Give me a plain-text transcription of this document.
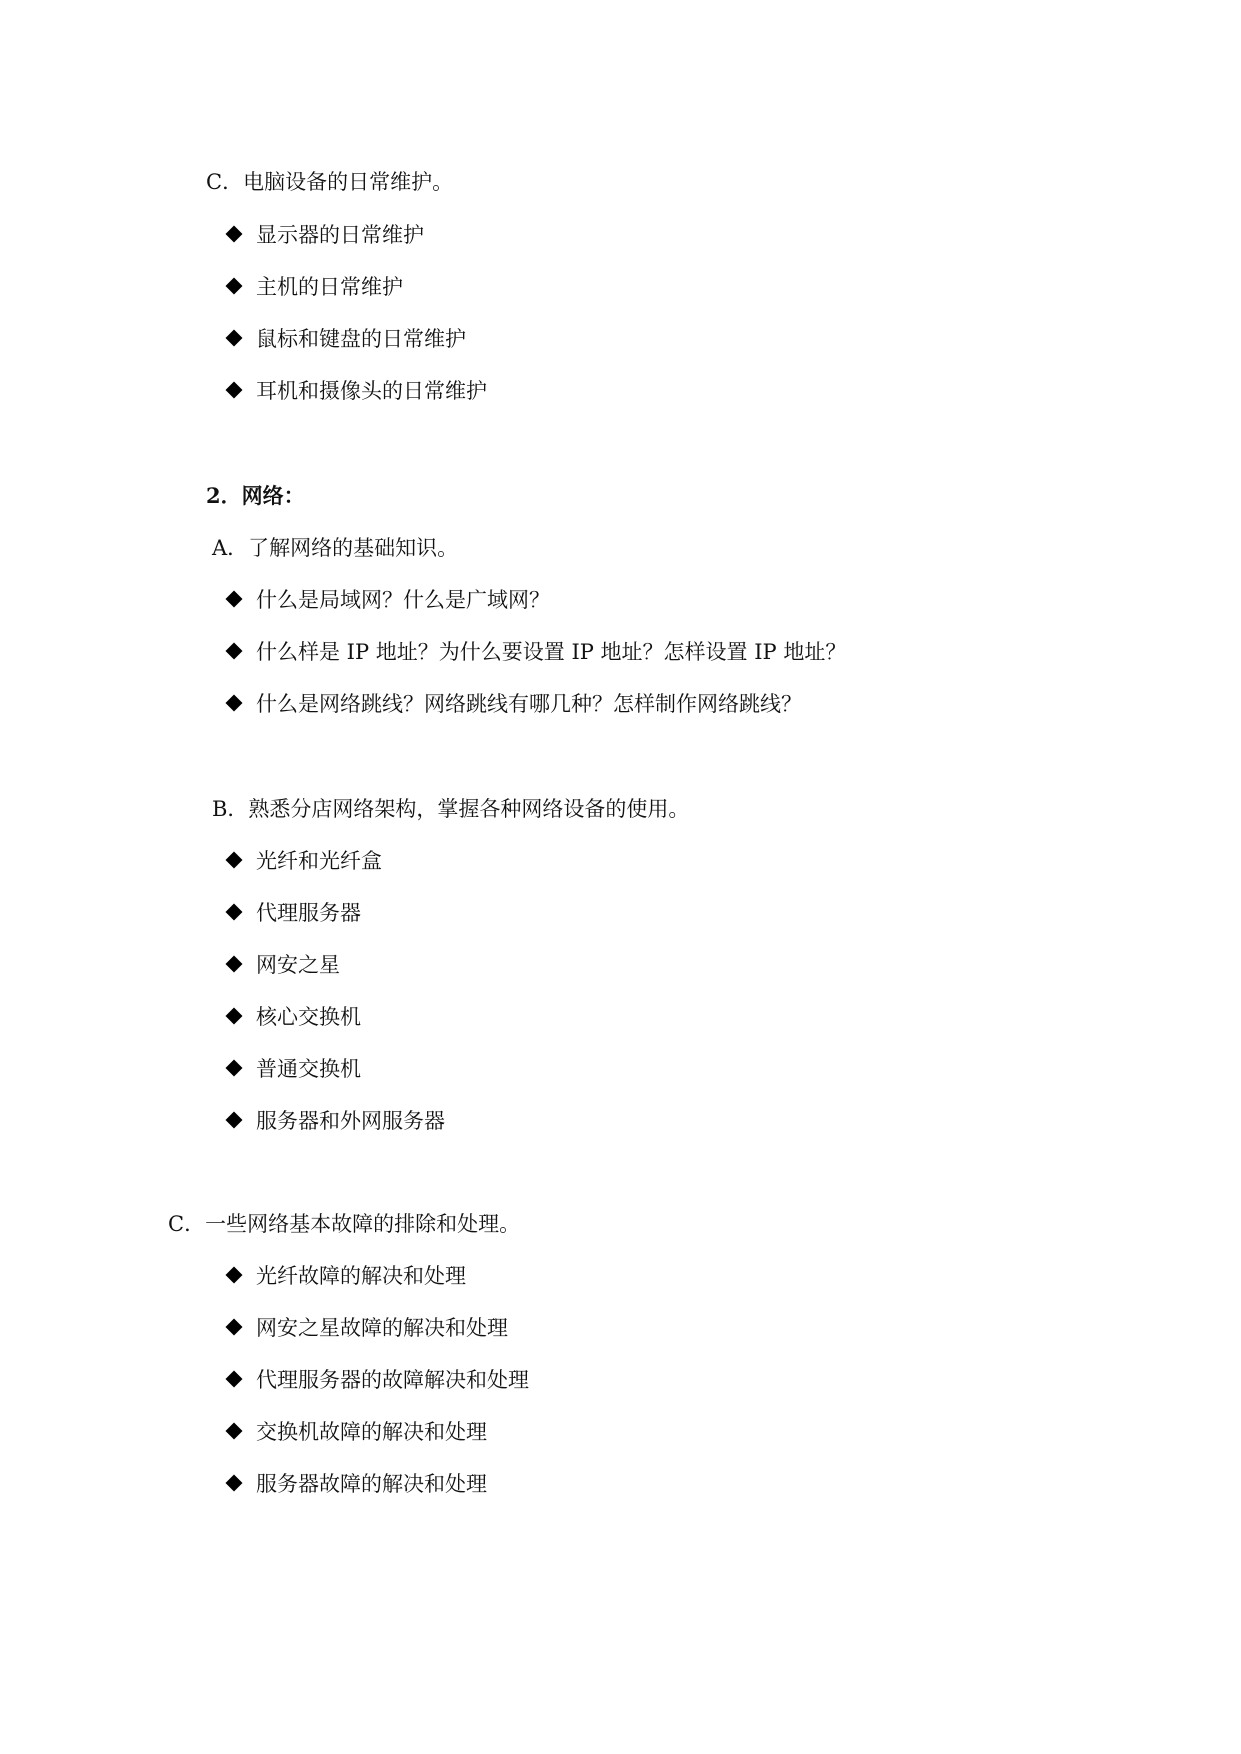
C．电脑设备的日常维护。
显示器的日常维护
主机的日常维护
鼠标和键盘的日常维护
耳机和摄像头的日常维护
2．网络：
A．了解网络的基础知识。
什么是局域网？什么是广域网？
什么样是 IP 地址？为什么要设置 IP 地址？怎样设置 IP 地址？
什么是网络跳线？网络跳线有哪几种？怎样制作网络跳线？
B．熟悉分店网络架构，掌握各种网络设备的使用。
光纤和光纤盒
代理服务器
网安之星
核心交换机
普通交换机
服务器和外网服务器
C．一些网络基本故障的排除和处理。
光纤故障的解决和处理
网安之星故障的解决和处理
代理服务器的故障解决和处理
交换机故障的解决和处理
服务器故障的解决和处理
